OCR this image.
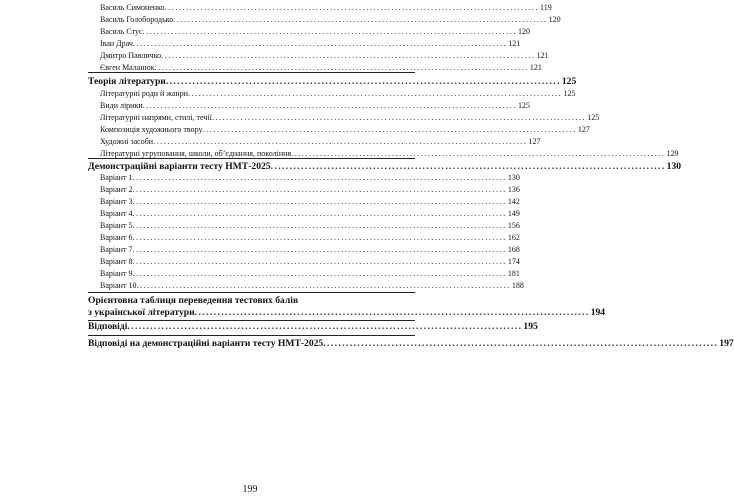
Василь Симоненко ........................................................................................................ 119
Василь Голобородько ........................................................................................................ 120
Василь Стус ........................................................................................................ 120
Іван Драч ........................................................................................................ 121
Дмитро Павличко ........................................................................................................ 121
Євген Маланюк ........................................................................................................ 121
Теорія літератури ........................................................................................................ 125
Літературні роди й жанри ........................................................................................................ 125
Види лірики ........................................................................................................ 125
Літературні напрями, стилі, течії ........................................................................................................ 125
Композиція художнього твору ........................................................................................................ 127
Художні засоби ........................................................................................................ 127
Літературні угруповання, школи, об’єднання, покоління ........................................................................................................ 129
Демонстраційні варіанти тесту НМТ-2025 ........................................................................................................ 130
Варіант 1 ........................................................................................................ 130
Варіант 2 ........................................................................................................ 136
Варіант 3 ........................................................................................................ 142
Варіант 4 ........................................................................................................ 149
Варіант 5 ........................................................................................................ 156
Варіант 6 ........................................................................................................ 162
Варіант 7 ........................................................................................................ 168
Варіант 8 ........................................................................................................ 174
Варіант 9 ........................................................................................................ 181
Варіант 10 ........................................................................................................ 188
Орієнтовна таблиця переведення тестових балів
з української літератури ........................................................................................................ 194
Відповіді ........................................................................................................ 195
Відповіді на демонстраційні варіанти тесту НМТ-2025 ........................................................................................................ 197
199
